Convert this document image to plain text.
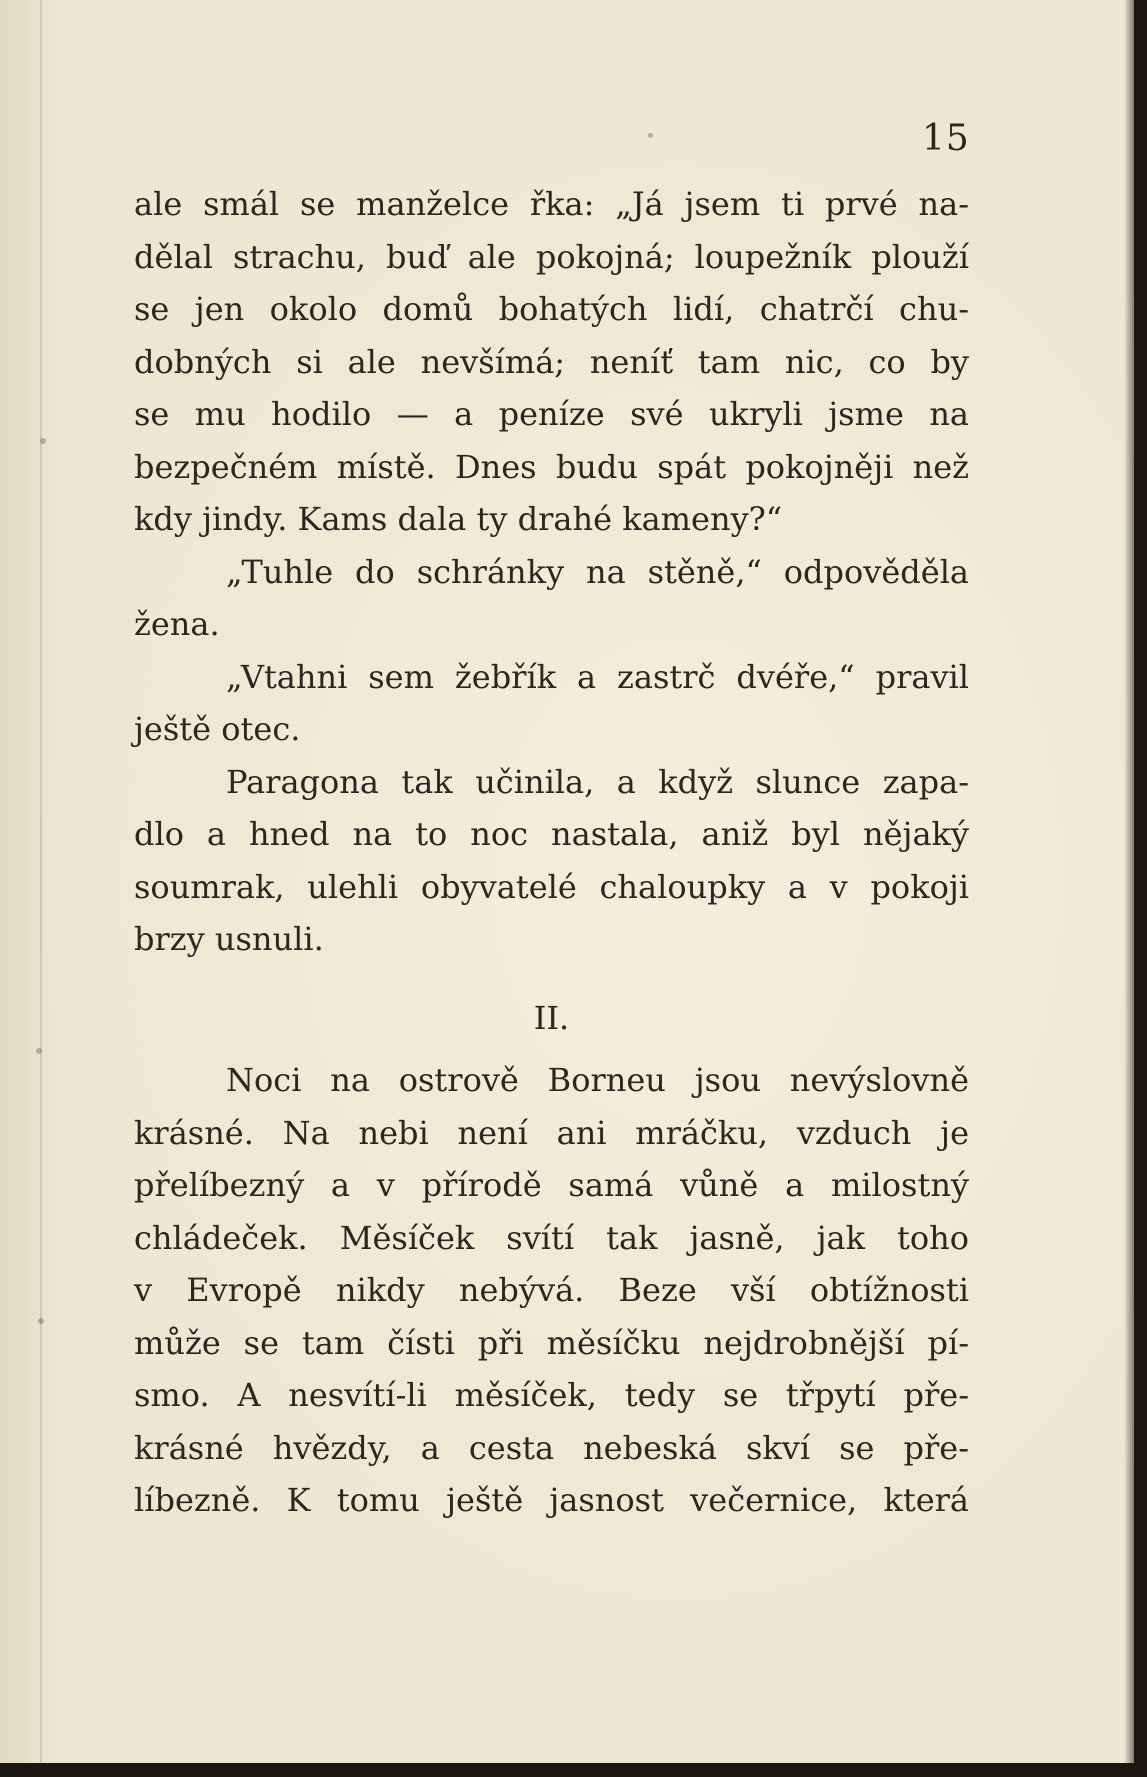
15
ale smál se manželce řka: „Já jsem ti prvé na-
dělal strachu, buď ale pokojná; loupežník plouží
se jen okolo domů bohatých lidí, chatrčí chu-
dobných si ale nevšímá; neníť tam nic, co by
se mu hodilo — a peníze své ukryli jsme na
bezpečném místě. Dnes budu spát pokojněji než
kdy jindy. Kams dala ty drahé kameny?“
„Tuhle do schránky na stěně,“ odpověděla
žena.
„Vtahni sem žebřík a zastrč dvéře,“ pravil
ještě otec.
Paragona tak učinila, a když slunce zapa-
dlo a hned na to noc nastala, aniž byl nějaký
soumrak, ulehli obyvatelé chaloupky a v pokoji
brzy usnuli.
II.
Noci na ostrově Borneu jsou nevýslovně
krásné. Na nebi není ani mráčku, vzduch je
přelíbezný a v přírodě samá vůně a milostný
chládeček. Měsíček svítí tak jasně, jak toho
v Evropě nikdy nebývá. Beze vší obtížnosti
může se tam čísti při měsíčku nejdrobnější pí-
smo. A nesvítí-li měsíček, tedy se třpytí pře-
krásné hvězdy, a cesta nebeská skví se pře-
líbezně. K tomu ještě jasnost večernice, která
